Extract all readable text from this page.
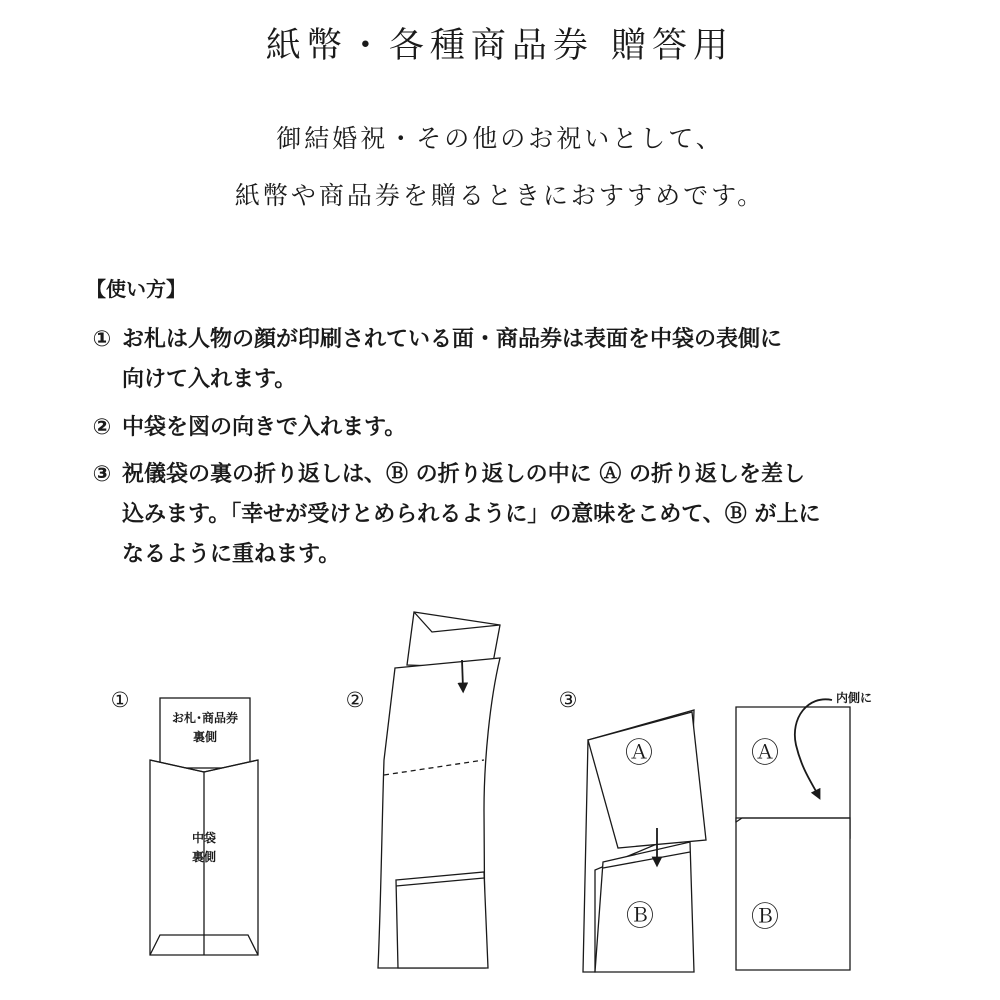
紙幣・各種商品券 贈答用
御結婚祝・その他のお祝いとして、
紙幣や商品券を贈るときにおすすめです。
【使い方】
① お札は人物の顔が印刷されている面・商品券は表面を中袋の表側に
向けて入れます。
② 中袋を図の向きで入れます。
③ 祝儀袋の裏の折り返しは、Ⓑ の折り返しの中に Ⓐ の折り返しを差し
込みます。「幸せが受けとめられるように」の意味をこめて、Ⓑ が上に
なるように重ねます。
①
お札･商品券
裏側
中袋
裏側
②	③
Ⓐ
Ⓑ
Ⓐ
Ⓑ
内側に
